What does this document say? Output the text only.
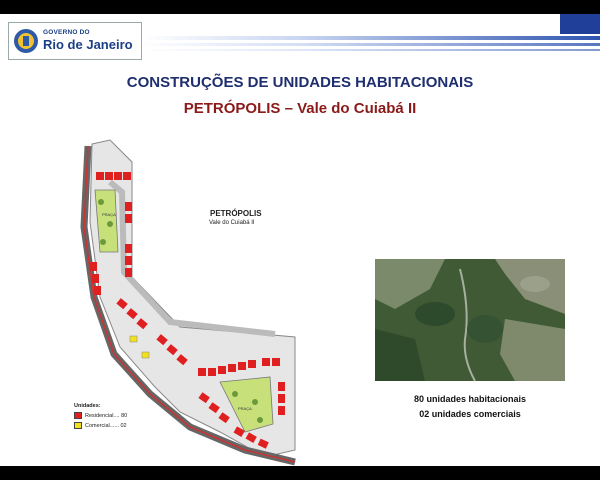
GOVERNO DO
Rio de Janeiro
CONSTRUÇÕES DE UNIDADES HABITACIONAIS
PETRÓPOLIS – Vale do Cuiabá II
PRAÇA
PRAÇA
PETRÓPOLIS
Vale do Cuiabá II
Unidades:
Residencial.... 80
Comercial...... 02
80 unidades habitacionais
02 unidades comerciais
